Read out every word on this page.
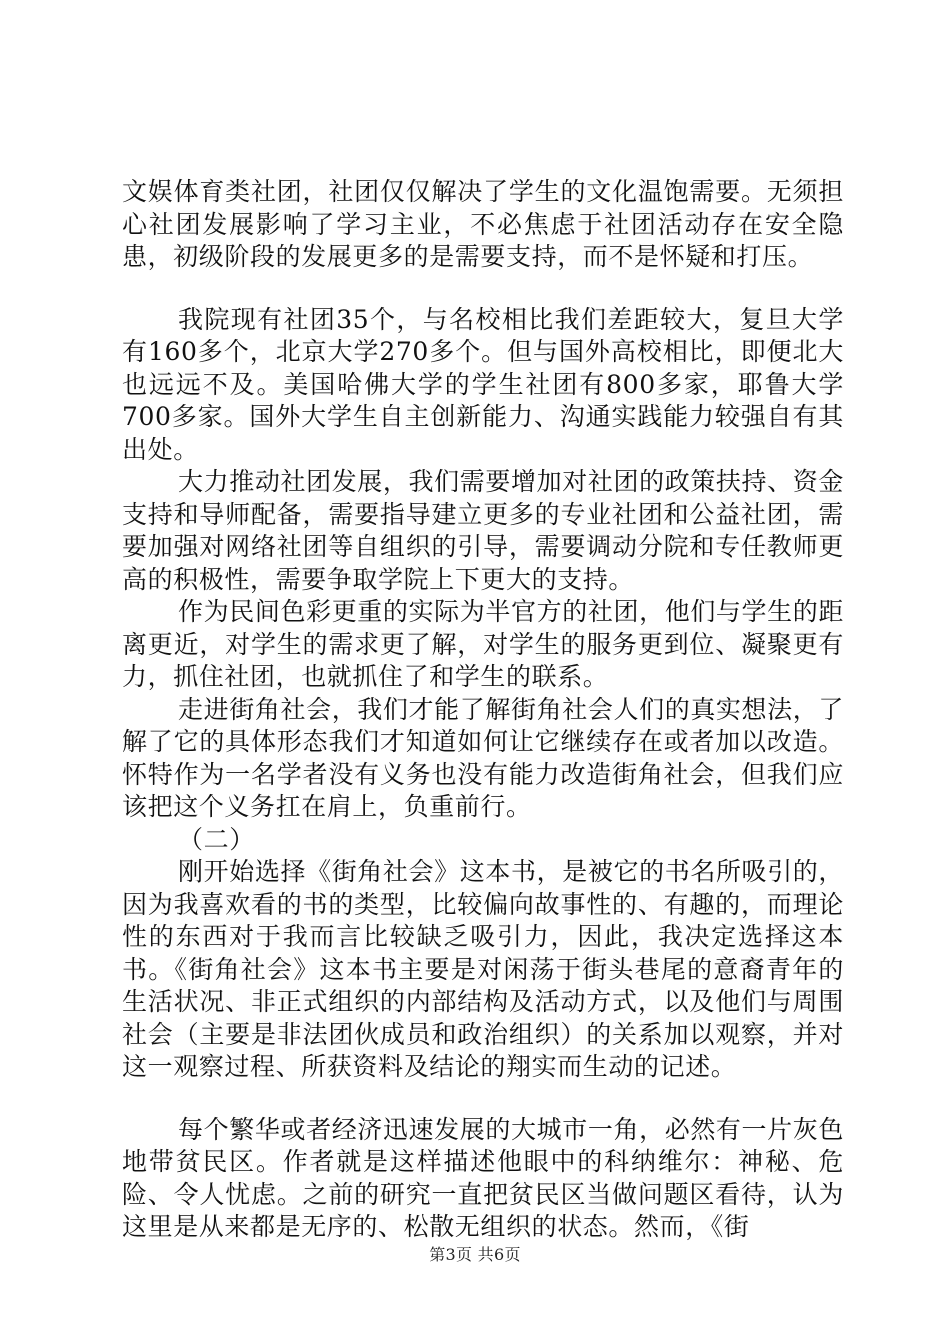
文娱体育类社团，社团仅仅解决了学生的文化温饱需要。无须担心社团发展影响了学习主业，不必焦虑于社团活动存在安全隐患，初级阶段的发展更多的是需要支持，而不是怀疑和打压。

我院现有社团35个，与名校相比我们差距较大，复旦大学有160多个，北京大学270多个。但与国外高校相比，即便北大也远远不及。美国哈佛大学的学生社团有800多家，耶鲁大学700多家。国外大学生自主创新能力、沟通实践能力较强自有其出处。

大力推动社团发展，我们需要增加对社团的政策扶持、资金支持和导师配备，需要指导建立更多的专业社团和公益社团，需要加强对网络社团等自组织的引导，需要调动分院和专任教师更高的积极性，需要争取学院上下更大的支持。

作为民间色彩更重的实际为半官方的社团，他们与学生的距离更近，对学生的需求更了解，对学生的服务更到位、凝聚更有力，抓住社团，也就抓住了和学生的联系。

走进街角社会，我们才能了解街角社会人们的真实想法，了解了它的具体形态我们才知道如何让它继续存在或者加以改造。怀特作为一名学者没有义务也没有能力改造街角社会，但我们应该把这个义务扛在肩上，负重前行。

（二）

刚开始选择《街角社会》这本书，是被它的书名所吸引的，因为我喜欢看的书的类型，比较偏向故事性的、有趣的，而理论性的东西对于我而言比较缺乏吸引力，因此，我决定选择这本书。《街角社会》这本书主要是对闲荡于街头巷尾的意裔青年的生活状况、非正式组织的内部结构及活动方式，以及他们与周围社会（主要是非法团伙成员和政治组织）的关系加以观察，并对这一观察过程、所获资料及结论的翔实而生动的记述。

每个繁华或者经济迅速发展的大城市一角，必然有一片灰色地带贫民区。作者就是这样描述他眼中的科纳维尔：神秘、危险、令人忧虑。之前的研究一直把贫民区当做问题区看待，认为这里是从来都是无序的、松散无组织的状态。然而，《街

第3页 共6页
